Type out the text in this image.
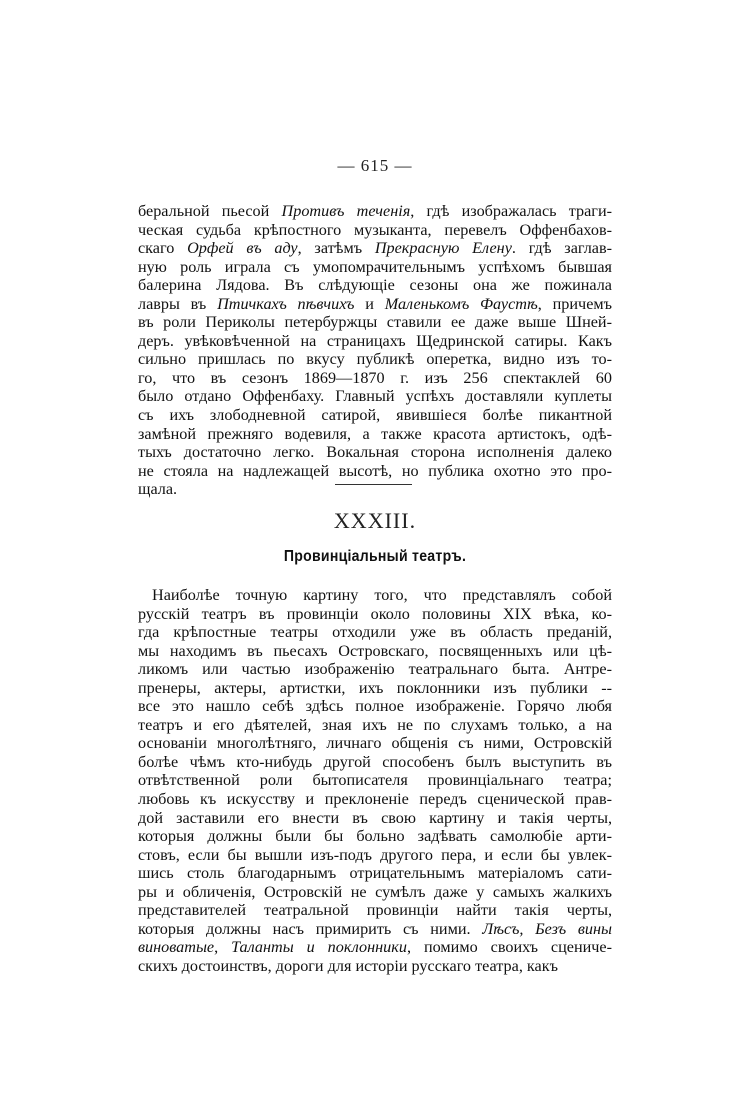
— 615 —
беральной пьесой Противъ теченія, гдѣ изображалась траги-
ческая судьба крѣпостного музыканта, перевелъ Оффенбахов-
скаго Орфей въ аду, затѣмъ Прекрасную Елену. гдѣ заглав-
ную роль играла съ умопомрачительнымъ успѣхомъ бывшая
балерина Лядова. Въ слѣдующіе сезоны она же пожинала
лавры въ Птичкахъ пѣвчихъ и Маленькомъ Фаустѣ, причемъ
въ роли Периколы петербуржцы ставили ее даже выше Шней-
деръ. увѣковѣченной на страницахъ Щедринской сатиры. Какъ
сильно пришлась по вкусу публикѣ оперетка, видно изъ то-
го, что въ сезонъ 1869—1870 г. изъ 256 спектаклей 60
было отдано Оффенбаху. Главный успѣхъ доставляли куплеты
съ ихъ злободневной сатирой, явившіеся болѣе пикантной
замѣной прежняго водевиля, а также красота артистокъ, одѣ-
тыхъ достаточно легко. Вокальная сторона исполненія далеко
не стояла на надлежащей высотѣ, но публика охотно это про-
щала.
XXXIII.
Провинціальный театръ.
Наиболѣе точную картину того, что представлялъ собой
русскій театръ въ провинціи около половины XIX вѣка, ко-
гда крѣпостные театры отходили уже въ область преданій,
мы находимъ въ пьесахъ Островскаго, посвященныхъ или цѣ-
ликомъ или частью изображенію театральнаго быта. Антре-
пренеры, актеры, артистки, ихъ поклонники изъ публики --
все это нашло себѣ здѣсь полное изображеніе. Горячо любя
театръ и его дѣятелей, зная ихъ не по слухамъ только, а на
основаніи многолѣтняго, личнаго общенія съ ними, Островскій
болѣе чѣмъ кто-нибудь другой способенъ былъ выступить въ
отвѣтственной роли бытописателя провинціальнаго театра;
любовь къ искусству и преклоненіе передъ сценической прав-
дой заставили его внести въ свою картину и такія черты,
которыя должны были бы больно задѣвать самолюбіе арти-
стовъ, если бы вышли изъ-подъ другого пера, и если бы увлек-
шись столь благодарнымъ отрицательнымъ матеріаломъ сати-
ры и обличенія, Островскій не сумѣлъ даже у самыхъ жалкихъ
представителей театральной провинціи найти такія черты,
которыя должны насъ примирить съ ними. Лѣсъ, Безъ вины
виноватые, Таланты и поклонники, помимо своихъ сцениче-
скихъ достоинствъ, дороги для исторіи русскаго театра, какъ
